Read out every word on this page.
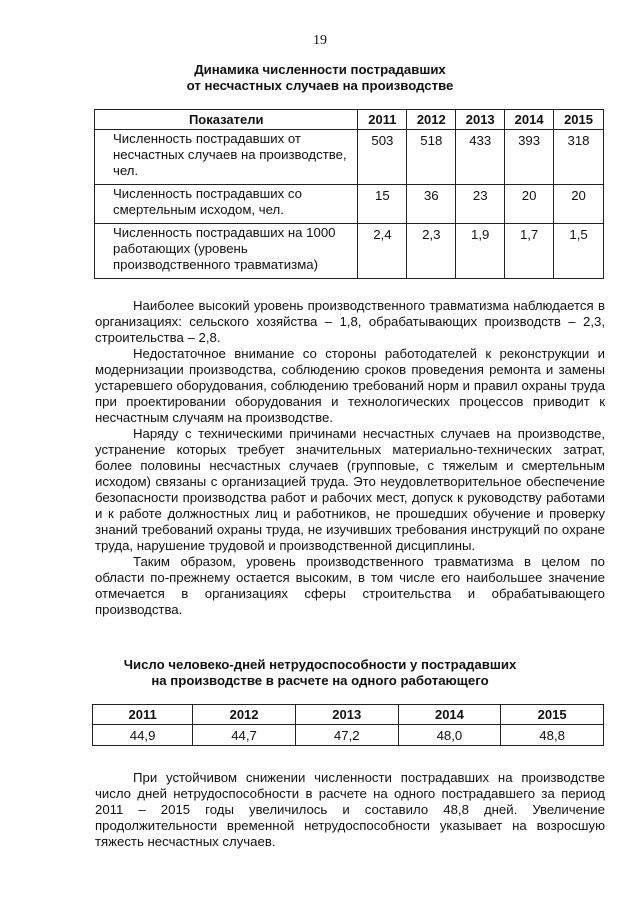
19
Динамика численности пострадавших
от несчастных случаев на производстве
Показатели	2011	2012	2013	2014	2015
Численность пострадавших от несчастных случаев на производстве, чел.	503	518	433	393	318
Численность пострадавших со смертельным исходом, чел.	15	36	23	20	20
Численность пострадавших на 1000 работающих (уровень производственного травматизма)	2,4	2,3	1,9	1,7	1,5

Наиболее высокий уровень производственного травматизма наблюдается в организациях: сельского хозяйства – 1,8, обрабатывающих производств – 2,3, строительства – 2,8.

Недостаточное внимание со стороны работодателей к реконструкции и модернизации производства, соблюдению сроков проведения ремонта и замены устаревшего оборудования, соблюдению требований норм и правил охраны труда при проектировании оборудования и технологических процессов приводит к несчастным случаям на производстве.

Наряду с техническими причинами несчастных случаев на производстве, устранение которых требует значительных материально-технических затрат, более половины несчастных случаев (групповые, с тяжелым и смертельным исходом) связаны с организацией труда. Это неудовлетворительное обеспечение безопасности производства работ и рабочих мест, допуск к руководству работами и к работе должностных лиц и работников, не прошедших обучение и проверку знаний требований охраны труда, не изучивших требования инструкций по охране труда, нарушение трудовой и производственной дисциплины.

Таким образом, уровень производственного травматизма в целом по области по-прежнему остается высоким, в том числе его наибольшее значение отмечается в организациях сферы строительства и обрабатывающего производства.

Число человеко-дней нетрудоспособности у пострадавших
на производстве в расчете на одного работающего
2011	2012	2013	2014	2015
44,9	44,7	47,2	48,0	48,8

При устойчивом снижении численности пострадавших на производстве число дней нетрудоспособности в расчете на одного пострадавшего за период 2011 – 2015 годы увеличилось и составило 48,8 дней. Увеличение продолжительности временной нетрудоспособности указывает на возросшую тяжесть несчастных случаев.
